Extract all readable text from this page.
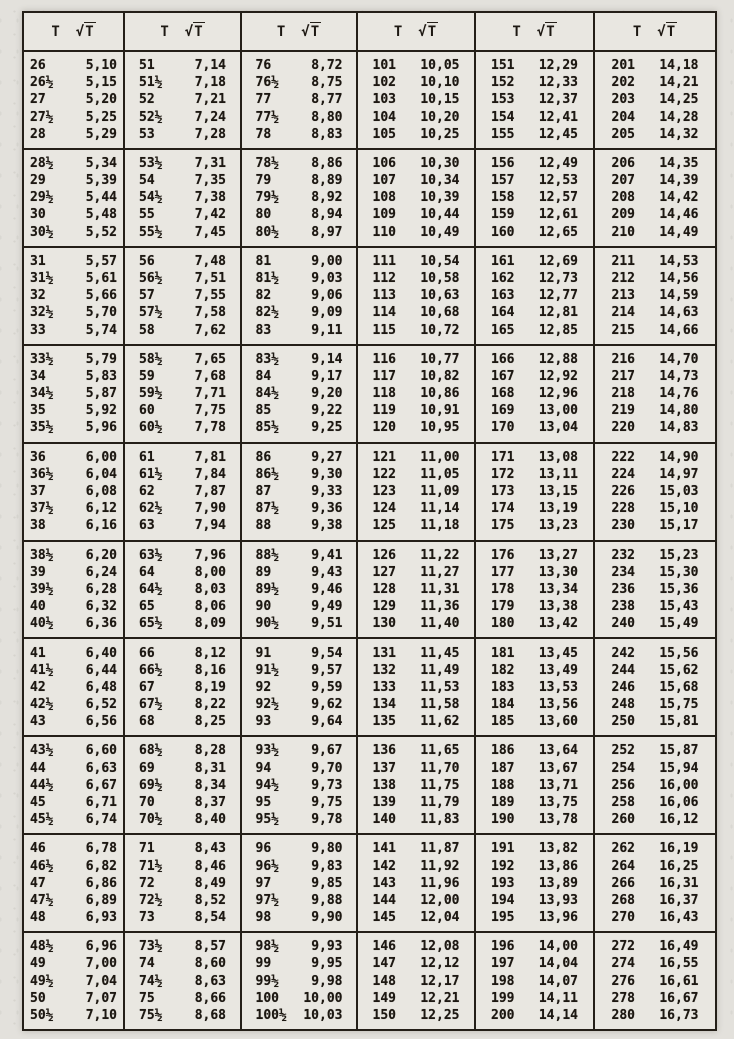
T √T
26	5,10
26½	5,15
27	5,20
27½	5,25
28	5,29
28½	5,34
29	5,39
29½	5,44
30	5,48
30½	5,52
31	5,57
31½	5,61
32	5,66
32½	5,70
33	5,74
33½	5,79
34	5,83
34½	5,87
35	5,92
35½	5,96
36	6,00
36½	6,04
37	6,08
37½	6,12
38	6,16
38½	6,20
39	6,24
39½	6,28
40	6,32
40½	6,36
41	6,40
41½	6,44
42	6,48
42½	6,52
43	6,56
43½	6,60
44	6,63
44½	6,67
45	6,71
45½	6,74
46	6,78
46½	6,82
47	6,86
47½	6,89
48	6,93
48½	6,96
49	7,00
49½	7,04
50	7,07
50½	7,10
T √T
51	7,14
51½	7,18
52	7,21
52½	7,24
53	7,28
53½	7,31
54	7,35
54½	7,38
55	7,42
55½	7,45
56	7,48
56½	7,51
57	7,55
57½	7,58
58	7,62
58½	7,65
59	7,68
59½	7,71
60	7,75
60½	7,78
61	7,81
61½	7,84
62	7,87
62½	7,90
63	7,94
63½	7,96
64	8,00
64½	8,03
65	8,06
65½	8,09
66	8,12
66½	8,16
67	8,19
67½	8,22
68	8,25
68½	8,28
69	8,31
69½	8,34
70	8,37
70½	8,40
71	8,43
71½	8,46
72	8,49
72½	8,52
73	8,54
73½	8,57
74	8,60
74½	8,63
75	8,66
75½	8,68
T √T
76	8,72
76½	8,75
77	8,77
77½	8,80
78	8,83
78½	8,86
79	8,89
79½	8,92
80	8,94
80½	8,97
81	9,00
81½	9,03
82	9,06
82½	9,09
83	9,11
83½	9,14
84	9,17
84½	9,20
85	9,22
85½	9,25
86	9,27
86½	9,30
87	9,33
87½	9,36
88	9,38
88½	9,41
89	9,43
89½	9,46
90	9,49
90½	9,51
91	9,54
91½	9,57
92	9,59
92½	9,62
93	9,64
93½	9,67
94	9,70
94½	9,73
95	9,75
95½	9,78
96	9,80
96½	9,83
97	9,85
97½	9,88
98	9,90
98½	9,93
99	9,95
99½	9,98
100	10,00
100½ 10,03
T √T
101	10,05
102	10,10
103	10,15
104	10,20
105	10,25
106	10,30
107	10,34
108	10,39
109	10,44
110	10,49
111	10,54
112	10,58
113	10,63
114	10,68
115	10,72
116	10,77
117	10,82
118	10,86
119	10,91
120	10,95
121	11,00
122	11,05
123	11,09
124	11,14
125	11,18
126	11,22
127	11,27
128	11,31
129	11,36
130	11,40
131	11,45
132	11,49
133	11,53
134	11,58
135	11,62
136	11,65
137	11,70
138	11,75
139	11,79
140	11,83
141	11,87
142	11,92
143	11,96
144	12,00
145	12,04
146	12,08
147	12,12
148	12,17
149	12,21
150	12,25
T √T
151	12,29
152	12,33
153	12,37
154	12,41
155	12,45
156	12,49
157	12,53
158	12,57
159	12,61
160	12,65
161	12,69
162	12,73
163	12,77
164	12,81
165	12,85
166	12,88
167	12,92
168	12,96
169	13,00
170	13,04
171	13,08
172	13,11
173	13,15
174	13,19
175	13,23
176	13,27
177	13,30
178	13,34
179	13,38
180	13,42
181	13,45
182	13,49
183	13,53
184	13,56
185	13,60
186	13,64
187	13,67
188	13,71
189	13,75
190	13,78
191	13,82
192	13,86
193	13,89
194	13,93
195	13,96
196	14,00
197	14,04
198	14,07
199	14,11
200	14,14
T √T
201	14,18
202	14,21
203	14,25
204	14,28
205	14,32
206	14,35
207	14,39
208	14,42
209	14,46
210	14,49
211	14,53
212	14,56
213	14,59
214	14,63
215	14,66
216	14,70
217	14,73
218	14,76
219	14,80
220	14,83
222	14,90
224	14,97
226	15,03
228	15,10
230	15,17
232	15,23
234	15,30
236	15,36
238	15,43
240	15,49
242	15,56
244	15,62
246	15,68
248	15,75
250	15,81
252	15,87
254	15,94
256	16,00
258	16,06
260	16,12
262	16,19
264	16,25
266	16,31
268	16,37
270	16,43
272	16,49
274	16,55
276	16,61
278	16,67
280	16,73
